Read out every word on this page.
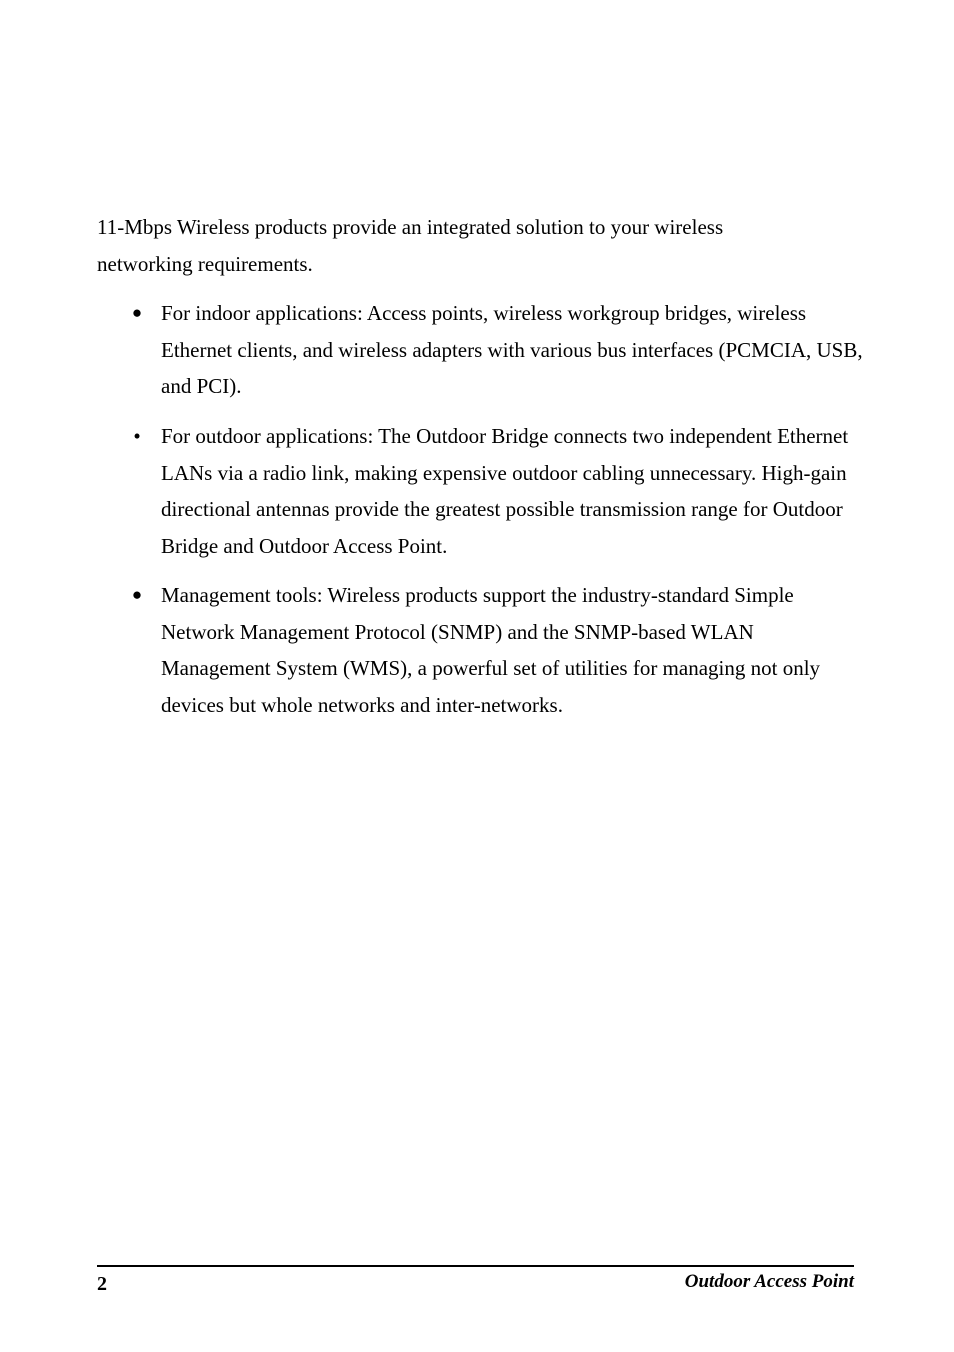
11-Mbps Wireless products provide an integrated solution to your wireless networking requirements.

● For indoor applications: Access points, wireless workgroup bridges, wireless Ethernet clients, and wireless adapters with various bus interfaces (PCMCIA, USB, and PCI).
• For outdoor applications: The Outdoor Bridge connects two independent Ethernet LANs via a radio link, making expensive outdoor cabling unnecessary. High-gain directional antennas provide the greatest possible transmission range for Outdoor Bridge and Outdoor Access Point.
● Management tools: Wireless products support the industry-standard Simple Network Management Protocol (SNMP) and the SNMP-based WLAN Management System (WMS), a powerful set of utilities for managing not only devices but whole networks and inter-networks.
2	Outdoor Access Point
